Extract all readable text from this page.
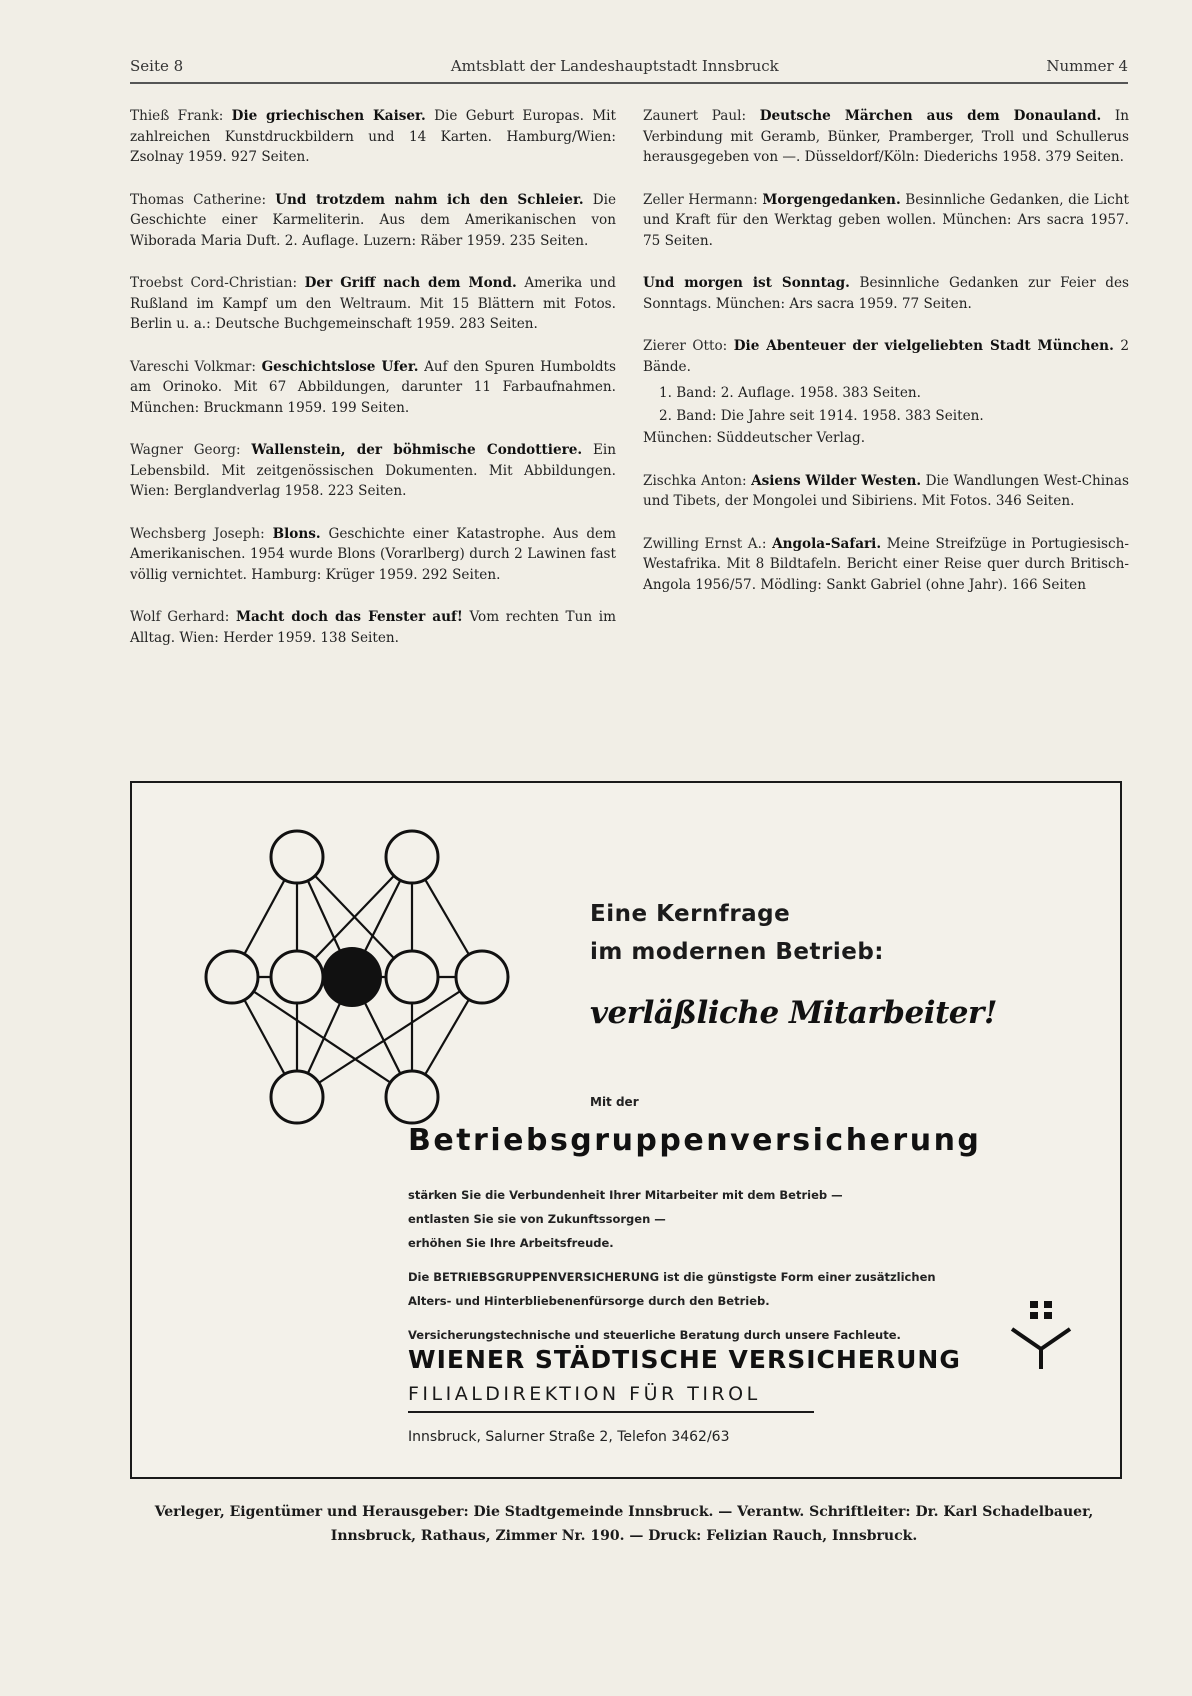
Seite 8	Amtsblatt der Landeshauptstadt Innsbruck	Nummer 4

Thieß Frank: Die griechischen Kaiser. Die Geburt Europas. Mit zahlreichen Kunstdruckbildern und 14 Karten. Hamburg/Wien: Zsolnay 1959. 927 Seiten.

Thomas Catherine: Und trotzdem nahm ich den Schleier. Die Geschichte einer Karmeliterin. Aus dem Amerikanischen von Wiborada Maria Duft. 2. Auflage. Luzern: Räber 1959. 235 Seiten.

Troebst Cord-Christian: Der Griff nach dem Mond. Amerika und Rußland im Kampf um den Weltraum. Mit 15 Blättern mit Fotos. Berlin u. a.: Deutsche Buchgemeinschaft 1959. 283 Seiten.

Vareschi Volkmar: Geschichtslose Ufer. Auf den Spuren Humboldts am Orinoko. Mit 67 Abbildungen, darunter 11 Farbaufnahmen. München: Bruckmann 1959. 199 Seiten.

Wagner Georg: Wallenstein, der böhmische Condottiere. Ein Lebensbild. Mit zeitgenössischen Dokumenten. Mit Abbildungen. Wien: Berglandverlag 1958. 223 Seiten.

Wechsberg Joseph: Blons. Geschichte einer Katastrophe. Aus dem Amerikanischen. 1954 wurde Blons (Vorarlberg) durch 2 Lawinen fast völlig vernichtet. Hamburg: Krüger 1959. 292 Seiten.

Wolf Gerhard: Macht doch das Fenster auf! Vom rechten Tun im Alltag. Wien: Herder 1959. 138 Seiten.

Zaunert Paul: Deutsche Märchen aus dem Donauland. In Verbindung mit Geramb, Bünker, Pramberger, Troll und Schullerus herausgegeben von —. Düsseldorf/Köln: Diederichs 1958. 379 Seiten.

Zeller Hermann: Morgengedanken. Besinnliche Gedanken, die Licht und Kraft für den Werktag geben wollen. München: Ars sacra 1957. 75 Seiten.

Und morgen ist Sonntag. Besinnliche Gedanken zur Feier des Sonntags. München: Ars sacra 1959. 77 Seiten.

Zierer Otto: Die Abenteuer der vielgeliebten Stadt München. 2 Bände.

1. Band: 2. Auflage. 1958. 383 Seiten.
2. Band: Die Jahre seit 1914. 1958. 383 Seiten.
München: Süddeutscher Verlag.

Zischka Anton: Asiens Wilder Westen. Die Wandlungen West-Chinas und Tibets, der Mongolei und Sibiriens. Mit Fotos. 346 Seiten.

Zwilling Ernst A.: Angola-Safari. Meine Streifzüge in Portugiesisch-Westafrika. Mit 8 Bildtafeln. Bericht einer Reise quer durch Britisch-Angola 1956/57. Mödling: Sankt Gabriel (ohne Jahr). 166 Seiten

Eine Kernfrage
im modernen Betrieb:
verläßliche Mitarbeiter!
Mit der
Betriebsgruppenversicherung
stärken Sie die Verbundenheit Ihrer Mitarbeiter mit dem Betrieb —
entlasten Sie sie von Zukunftssorgen —
erhöhen Sie Ihre Arbeitsfreude.
Die BETRIEBSGRUPPENVERSICHERUNG ist die günstigste Form einer zusätzlichen
Alters- und Hinterbliebenenfürsorge durch den Betrieb.
Versicherungstechnische und steuerliche Beratung durch unsere Fachleute.
WIENER STÄDTISCHE VERSICHERUNG
FILIALDIREKTION FÜR TIROL
Innsbruck, Salurner Straße 2, Telefon 3462/63
Verleger, Eigentümer und Herausgeber: Die Stadtgemeinde Innsbruck. — Verantw. Schriftleiter: Dr. Karl Schadelbauer,
Innsbruck, Rathaus, Zimmer Nr. 190. — Druck: Felizian Rauch, Innsbruck.
